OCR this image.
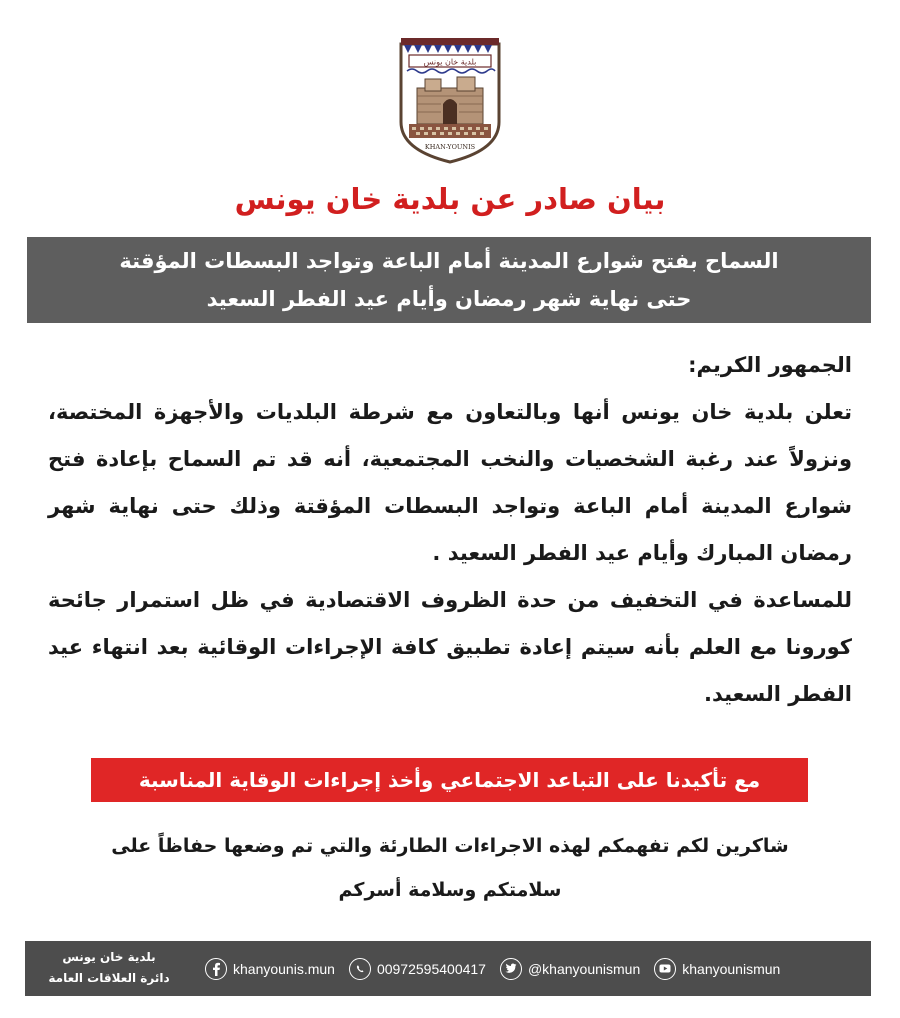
بلدية خان يونس
KHAN-YOUNIS
بيان صادر عن بلدية خان يونس
السماح بفتح شوارع المدينة أمام الباعة وتواجد البسطات المؤقتة
حتى نهاية شهر رمضان وأيام عيد الفطر السعيد

الجمهور الكريم:

تعلن بلدية خان يونس أنها وبالتعاون مع شرطة البلديات والأجهزة المختصة، ونزولاً عند رغبة الشخصيات والنخب المجتمعية، أنه قد تم السماح بإعادة فتح شوارع المدينة أمام الباعة وتواجد البسطات المؤقتة وذلك حتى نهاية شهر رمضان المبارك وأيام عيد الفطر السعيد .

للمساعدة في التخفيف من حدة الظروف الاقتصادية في ظل استمرار جائحة كورونا مع العلم بأنه سيتم إعادة تطبيق كافة الإجراءات الوقائية بعد انتهاء عيد الفطر السعيد.

مع تأكيدنا على التباعد الاجتماعي وأخذ إجراءات الوقاية المناسبة
شاكرين لكم تفهمكم لهذه الاجراءات الطارئة والتي تم وضعها حفاظاً على
سلامتكم وسلامة أسركم
بلدية خان يونس
دائرة العلاقات العامة
khanyounis.mun	00972595400417	@khanyounismun	khanyounismun
